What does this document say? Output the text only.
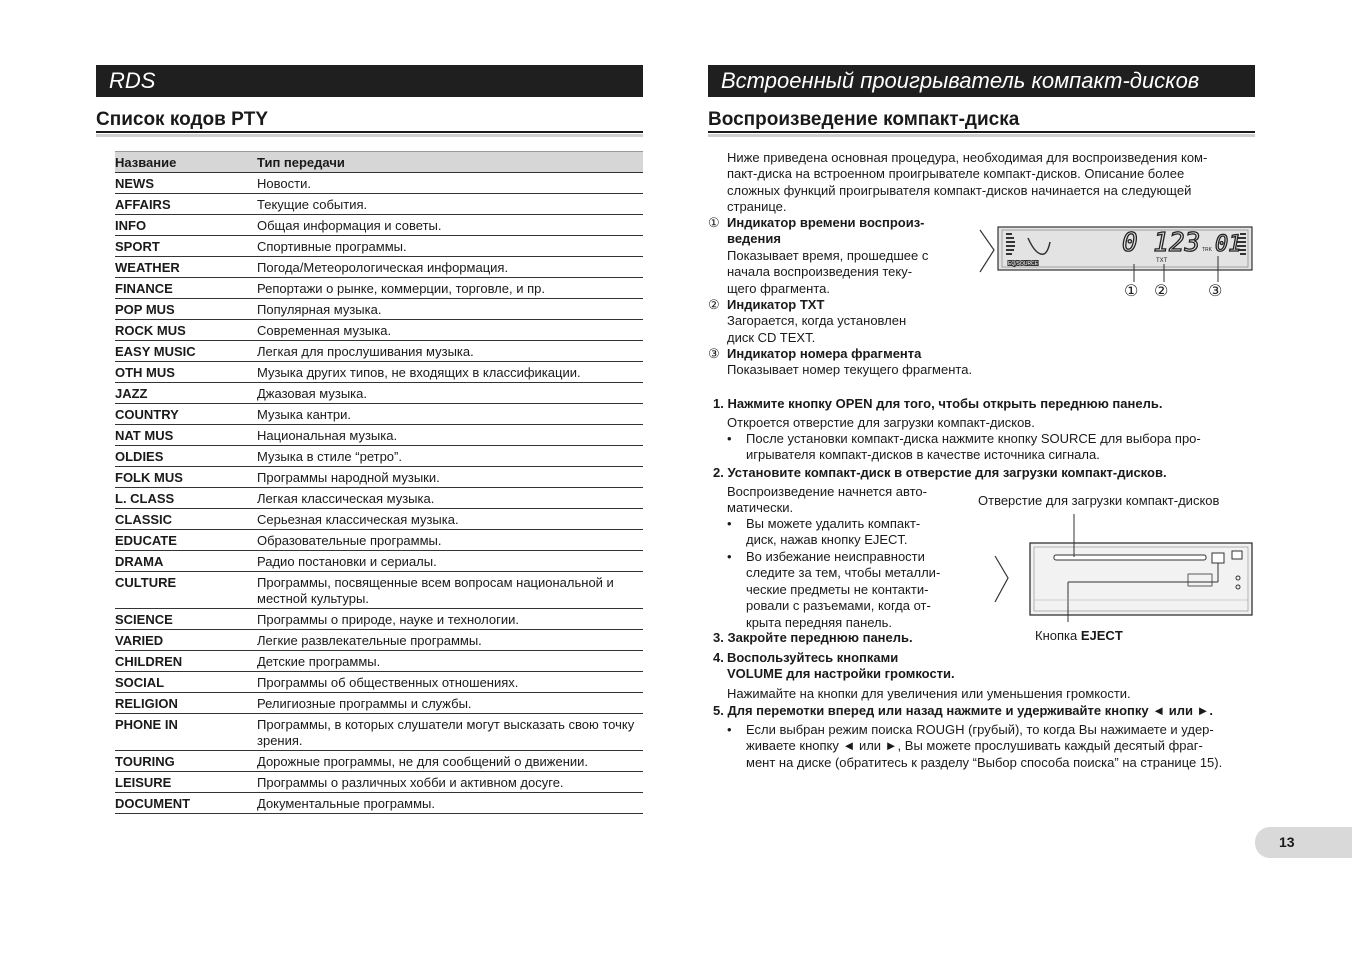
RDS
Список кодов PTY
Название	Тип передачи
NEWS	Новости.
AFFAIRS	Текущие события.
INFO	Общая информация и советы.
SPORT	Спортивные программы.
WEATHER	Погода/Метеорологическая информация.
FINANCE	Репортажи о рынке, коммерции, торговле, и пр.
POP MUS	Популярная музыка.
ROCK MUS	Современная музыка.
EASY MUSIC	Легкая для прослушивания музыка.
OTH MUS	Музыка других типов, не входящих в классификации.
JAZZ	Джазовая музыка.
COUNTRY	Музыка кантри.
NAT MUS	Национальная музыка.
OLDIES	Музыка в стиле “ретро”.
FOLK MUS	Программы народной музыки.
L. CLASS	Легкая классическая музыка.
CLASSIC	Серьезная классическая музыка.
EDUCATE	Образовательные программы.
DRAMA	Радио постановки и сериалы.
CULTURE	Программы, посвященные всем вопросам национальной и местной культуры.
SCIENCE	Программы о природе, науке и технологии.
VARIED	Легкие развлекательные программы.
CHILDREN	Детские программы.
SOCIAL	Программы об общественных отношениях.
RELIGION	Религиозные программы и службы.
PHONE IN	Программы, в которых слушатели могут высказать свою точку зрения.
TOURING	Дорожные программы, не для сообщений о движении.
LEISURE	Программы о различных хобби и активном досуге.
DOCUMENT	Документальные программы.
Встроенный проигрыватель компакт-дисков
Воспроизведение компакт-диска
Ниже приведена основная процедура, необходимая для воспроизведения ком-
пакт-диска на встроенном проигрывателе компакт-дисков. Описание более
сложных функций проигрывателя компакт-дисков начинается на следующей
странице.
① Индикатор времени воспроиз-
ведения
Показывает время, прошедшее с
начала воспроизведения теку-
щего фрагмента.
② Индикатор TXT
Загорается, когда установлен
диск CD TEXT.
③ Индикатор номера фрагмента
Показывает номер текущего фрагмента.
EQ/SOURCE
0 123 TRK 01
TXT
① ② ③
1. Нажмите кнопку OPEN для того, чтобы открыть переднюю панель.
Откроется отверстие для загрузки компакт-дисков.
• После установки компакт-диска нажмите кнопку SOURCE для выбора про-
игрывателя компакт-дисков в качестве источника сигнала.
2. Установите компакт-диск в отверстие для загрузки компакт-дисков.
Воспроизведение начнется авто-
матически.
• Вы можете удалить компакт-
диск, нажав кнопку EJECT.
• Во избежание неисправности
следите за тем, чтобы металли-
ческие предметы не контакти-
ровали с разъемами, когда от-
крыта передняя панель.
Отверстие для загрузки компакт-дисков
Кнопка EJECT
3. Закройте переднюю панель.
4. Воспользуйтесь кнопками
VOLUME для настройки громкости.
Нажимайте на кнопки для увеличения или уменьшения громкости.
5. Для перемотки вперед или назад нажмите и удерживайте кнопку ◄ или ►.
• Если выбран режим поиска ROUGH (грубый), то когда Вы нажимаете и удер-
живаете кнопку ◄ или ►, Вы можете прослушивать каждый десятый фраг-
мент на диске (обратитесь к разделу “Выбор способа поиска” на странице 15).
13
